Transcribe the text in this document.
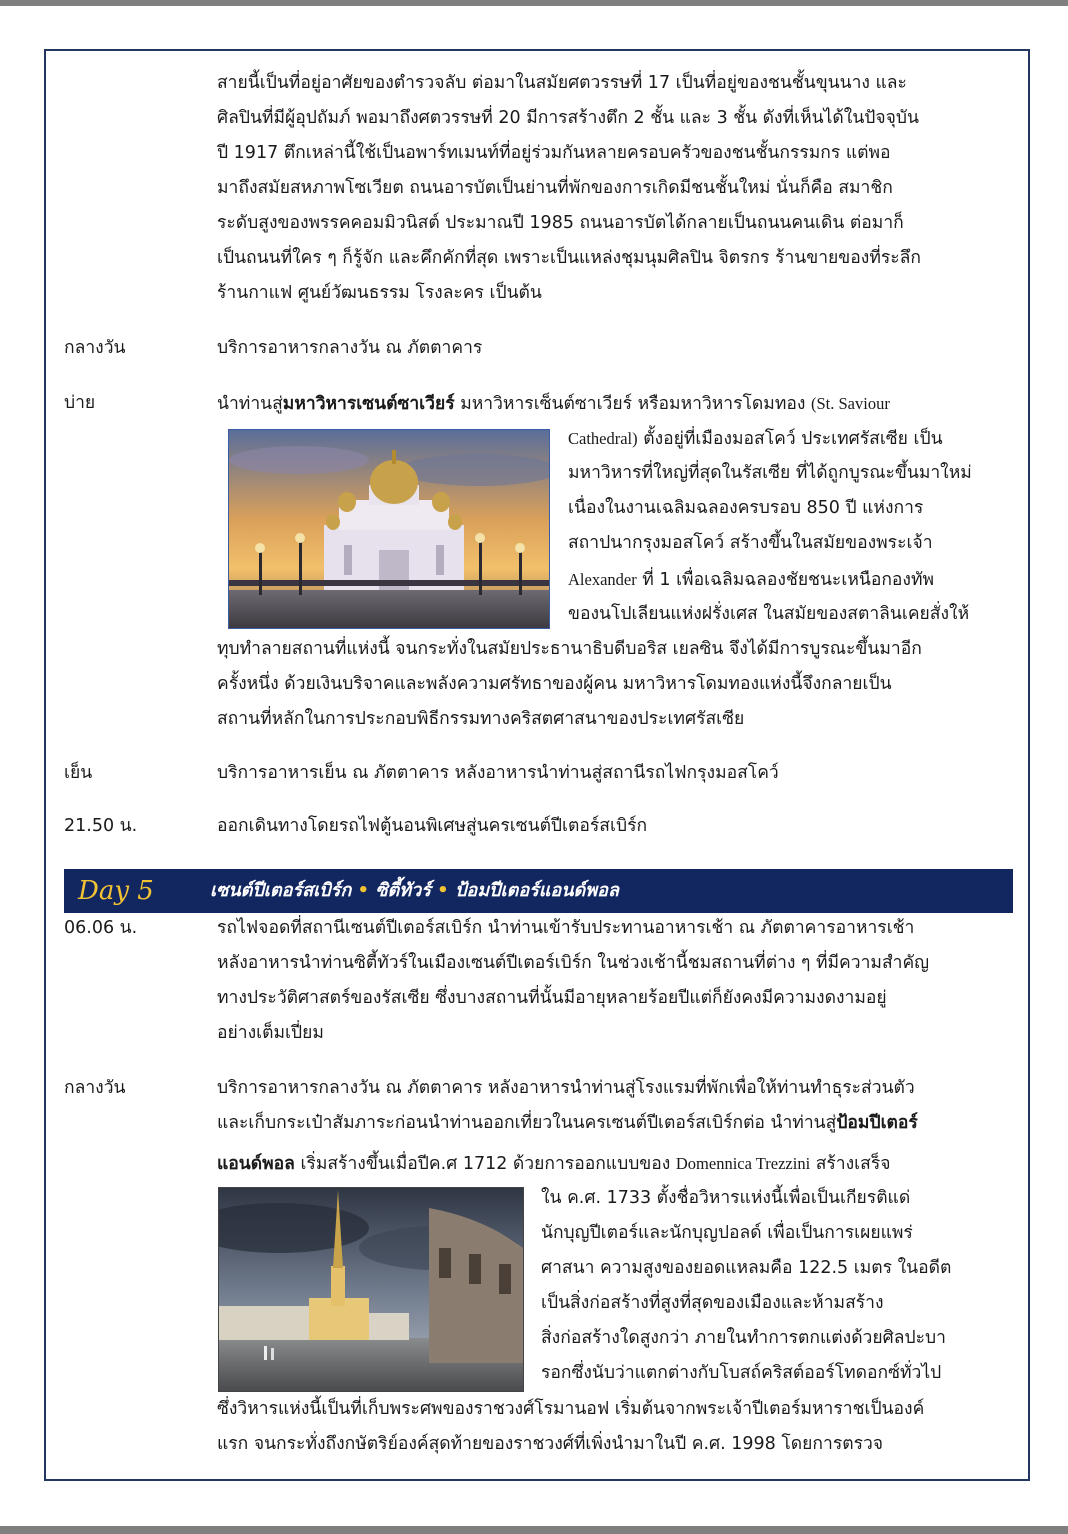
สายนี้เป็นที่อยู่อาศัยของตำรวจลับ ต่อมาในสมัยศตวรรษที่ 17 เป็นที่อยู่ของชนชั้นขุนนาง และ
ศิลปินที่มีผู้อุปถัมภ์ พอมาถึงศตวรรษที่ 20 มีการสร้างตึก 2 ชั้น และ 3 ชั้น ดังที่เห็นได้ในปัจจุบัน
ปี 1917 ตึกเหล่านี้ใช้เป็นอพาร์ทเมนท์ที่อยู่ร่วมกันหลายครอบครัวของชนชั้นกรรมกร แต่พอ
มาถึงสมัยสหภาพโซเวียต ถนนอารบัตเป็นย่านที่พักของการเกิดมีชนชั้นใหม่ นั่นก็คือ สมาชิก
ระดับสูงของพรรคคอมมิวนิสต์ ประมาณปี 1985 ถนนอารบัตได้กลายเป็นถนนคนเดิน ต่อมาก็
เป็นถนนที่ใคร ๆ ก็รู้จัก และคึกคักที่สุด เพราะเป็นแหล่งชุมนุมศิลปิน จิตรกร ร้านขายของที่ระลึก
ร้านกาแฟ ศูนย์วัฒนธรรม โรงละคร เป็นต้น
กลางวัน	บริการอาหารกลางวัน ณ ภัตตาคาร
บ่าย	นำท่านสู่มหาวิหารเซนต์ซาเวียร์ มหาวิหารเซ็นต์ซาเวียร์ หรือมหาวิหารโดมทอง (St. Saviour
Cathedral) ตั้งอยู่ที่เมืองมอสโคว์ ประเทศรัสเซีย เป็น
มหาวิหารที่ใหญ่ที่สุดในรัสเซีย ที่ได้ถูกบูรณะขึ้นมาใหม่
เนื่องในงานเฉลิมฉลองครบรอบ 850 ปี แห่งการ
สถาปนากรุงมอสโคว์ สร้างขึ้นในสมัยของพระเจ้า
Alexander ที่ 1 เพื่อเฉลิมฉลองชัยชนะเหนือกองทัพ
ของนโปเลียนแห่งฝรั่งเศส ในสมัยของสตาลินเคยสั่งให้
ทุบทำลายสถานที่แห่งนี้ จนกระทั่งในสมัยประธานาธิบดีบอริส เยลซิน จึงได้มีการบูรณะขึ้นมาอีก
ครั้งหนึ่ง ด้วยเงินบริจาคและพลังความศรัทธาของผู้คน มหาวิหารโดมทองแห่งนี้จึงกลายเป็น
สถานที่หลักในการประกอบพิธีกรรมทางคริสตศาสนาของประเทศรัสเซีย
เย็น	บริการอาหารเย็น ณ ภัตตาคาร หลังอาหารนำท่านสู่สถานีรถไฟกรุงมอสโคว์
21.50 น.	ออกเดินทางโดยรถไฟตู้นอนพิเศษสู่นครเซนต์ปีเตอร์สเบิร์ก
Day 5	เซนต์ปีเตอร์สเบิร์ก • ซิตี้ทัวร์ • ป้อมปีเตอร์แอนด์พอล
06.06 น.	รถไฟจอดที่สถานีเซนต์ปีเตอร์สเบิร์ก นำท่านเข้ารับประทานอาหารเช้า ณ ภัตตาคารอาหารเช้า
หลังอาหารนำท่านซิตี้ทัวร์ในเมืองเซนต์ปีเตอร์เบิร์ก ในช่วงเช้านี้ชมสถานที่ต่าง ๆ ที่มีความสำคัญ
ทางประวัติศาสตร์ของรัสเซีย ซึ่งบางสถานที่นั้นมีอายุหลายร้อยปีแต่ก็ยังคงมีความงดงามอยู่
อย่างเต็มเปี่ยม
กลางวัน	บริการอาหารกลางวัน ณ ภัตตาคาร หลังอาหารนำท่านสู่โรงแรมที่พักเพื่อให้ท่านทำธุระส่วนตัว
และเก็บกระเป๋าสัมภาระก่อนนำท่านออกเที่ยวในนครเซนต์ปีเตอร์สเบิร์กต่อ นำท่านสู่ป้อมปีเตอร์
แอนด์พอล เริ่มสร้างขึ้นเมื่อปีค.ศ 1712 ด้วยการออกแบบของ Domennica Trezzini สร้างเสร็จ
ใน ค.ศ. 1733 ตั้งชื่อวิหารแห่งนี้เพื่อเป็นเกียรติแด่
นักบุญปีเตอร์และนักบุญปอลด์ เพื่อเป็นการเผยแพร่
ศาสนา ความสูงของยอดแหลมคือ 122.5 เมตร ในอดีต
เป็นสิ่งก่อสร้างที่สูงที่สุดของเมืองและห้ามสร้าง
สิ่งก่อสร้างใดสูงกว่า ภายในทำการตกแต่งด้วยศิลปะบา
รอกซึ่งนับว่าแตกต่างกับโบสถ์คริสต์ออร์โทดอกซ์ทั่วไป
ซึ่งวิหารแห่งนี้เป็นที่เก็บพระศพของราชวงศ์โรมานอฟ เริ่มต้นจากพระเจ้าปีเตอร์มหาราชเป็นองค์
แรก จนกระทั่งถึงกษัตริย์องค์สุดท้ายของราชวงศ์ที่เพิ่งนำมาในปี ค.ศ. 1998 โดยการตรวจ
